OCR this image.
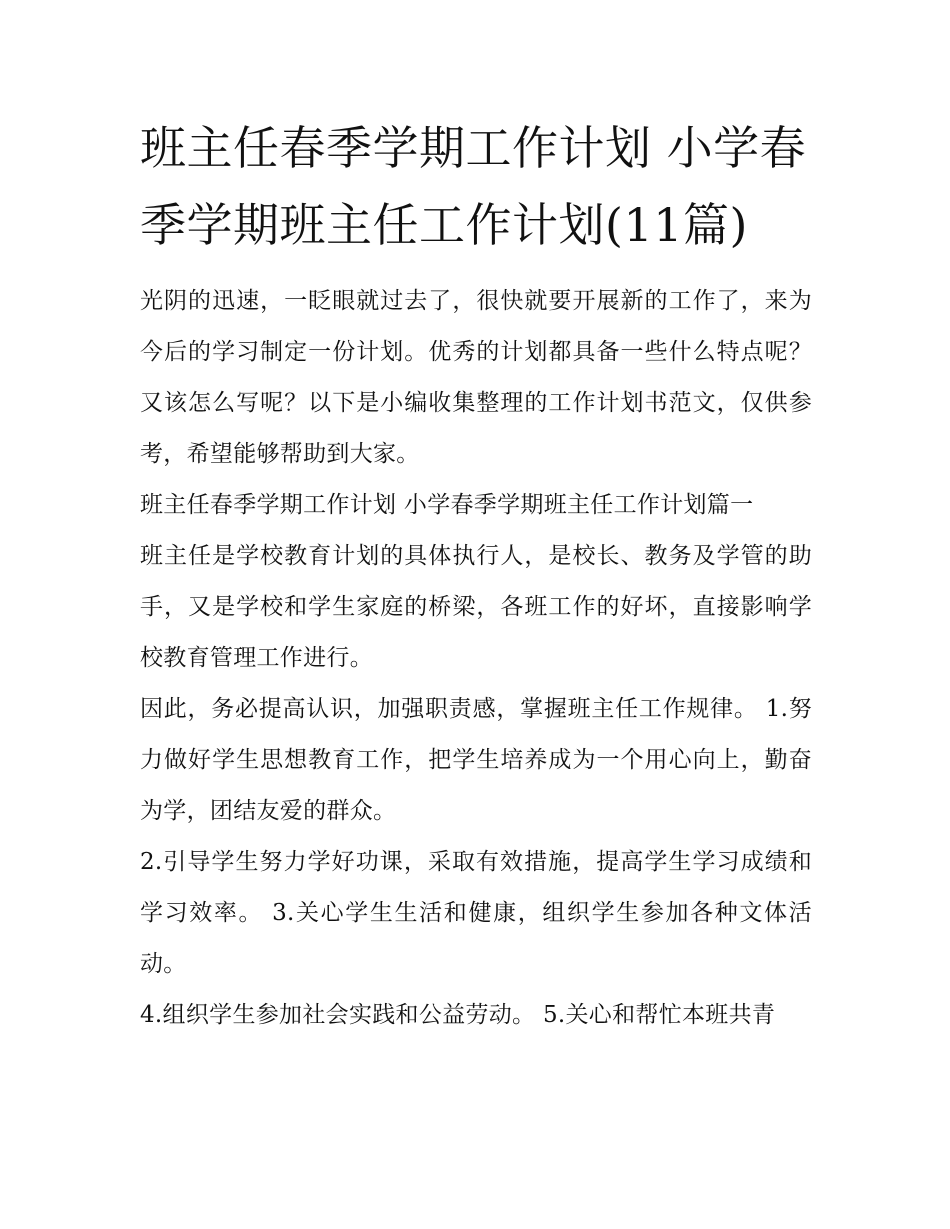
班主任春季学期工作计划 小学春季学期班主任工作计划(11篇)

光阴的迅速，一眨眼就过去了，很快就要开展新的工作了，来为今后的学习制定一份计划。优秀的计划都具备一些什么特点呢？又该怎么写呢？以下是小编收集整理的工作计划书范文，仅供参考，希望能够帮助到大家。

班主任春季学期工作计划 小学春季学期班主任工作计划篇一

班主任是学校教育计划的具体执行人，是校长、教务及学管的助手，又是学校和学生家庭的桥梁，各班工作的好坏，直接影响学校教育管理工作进行。

因此，务必提高认识，加强职责感，掌握班主任工作规律。 1.努力做好学生思想教育工作，把学生培养成为一个用心向上，勤奋为学，团结友爱的群众。

2.引导学生努力学好功课，采取有效措施，提高学生学习成绩和学习效率。 3.关心学生生活和健康，组织学生参加各种文体活动。

4.组织学生参加社会实践和公益劳动。 5.关心和帮忙本班共青
